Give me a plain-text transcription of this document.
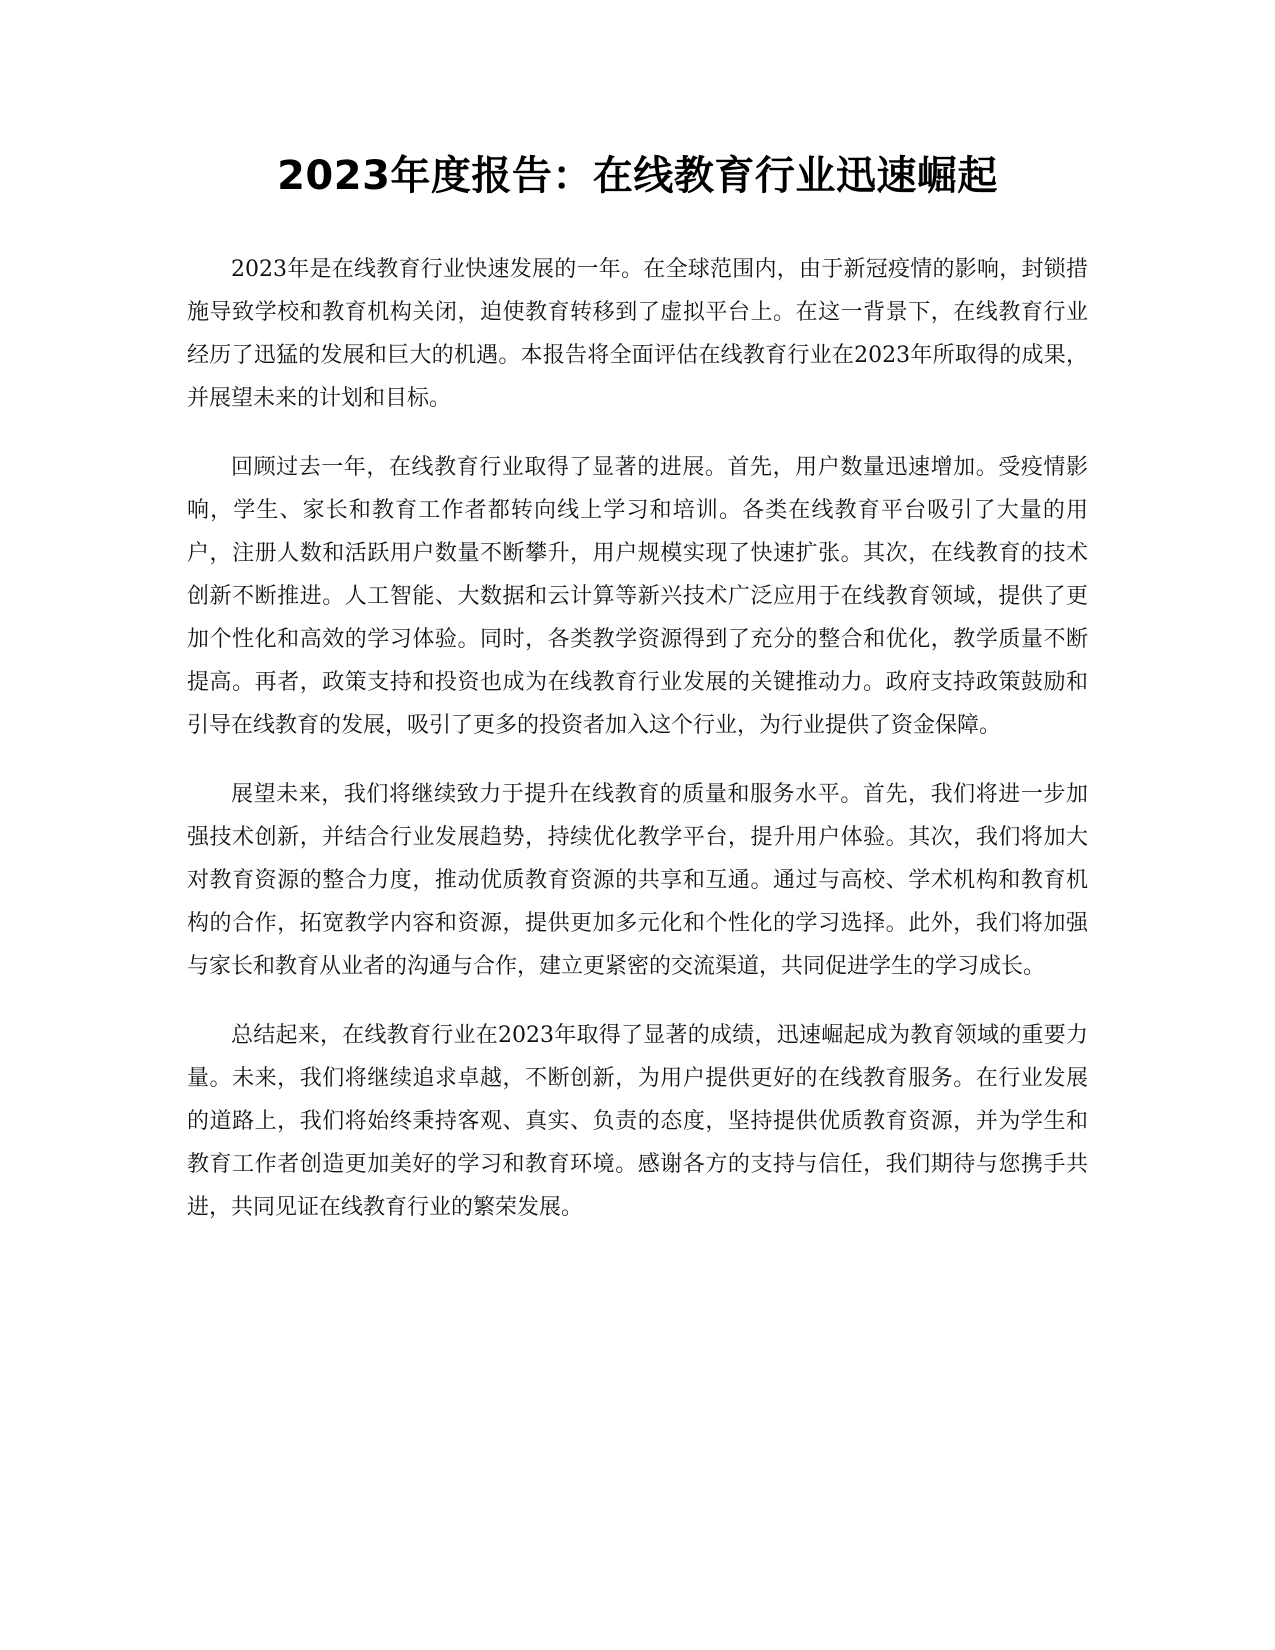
2023年度报告：在线教育行业迅速崛起

2023年是在线教育行业快速发展的一年。在全球范围内，由于新冠疫情的影响，封锁措施导致学校和教育机构关闭，迫使教育转移到了虚拟平台上。在这一背景下，在线教育行业经历了迅猛的发展和巨大的机遇。本报告将全面评估在线教育行业在2023年所取得的成果，并展望未来的计划和目标。

回顾过去一年，在线教育行业取得了显著的进展。首先，用户数量迅速增加。受疫情影响，学生、家长和教育工作者都转向线上学习和培训。各类在线教育平台吸引了大量的用户，注册人数和活跃用户数量不断攀升，用户规模实现了快速扩张。其次，在线教育的技术创新不断推进。人工智能、大数据和云计算等新兴技术广泛应用于在线教育领域，提供了更加个性化和高效的学习体验。同时，各类教学资源得到了充分的整合和优化，教学质量不断提高。再者，政策支持和投资也成为在线教育行业发展的关键推动力。政府支持政策鼓励和引导在线教育的发展，吸引了更多的投资者加入这个行业，为行业提供了资金保障。

展望未来，我们将继续致力于提升在线教育的质量和服务水平。首先，我们将进一步加强技术创新，并结合行业发展趋势，持续优化教学平台，提升用户体验。其次，我们将加大对教育资源的整合力度，推动优质教育资源的共享和互通。通过与高校、学术机构和教育机构的合作，拓宽教学内容和资源，提供更加多元化和个性化的学习选择。此外，我们将加强与家长和教育从业者的沟通与合作，建立更紧密的交流渠道，共同促进学生的学习成长。

总结起来，在线教育行业在2023年取得了显著的成绩，迅速崛起成为教育领域的重要力量。未来，我们将继续追求卓越，不断创新，为用户提供更好的在线教育服务。在行业发展的道路上，我们将始终秉持客观、真实、负责的态度，坚持提供优质教育资源，并为学生和教育工作者创造更加美好的学习和教育环境。感谢各方的支持与信任，我们期待与您携手共进，共同见证在线教育行业的繁荣发展。
